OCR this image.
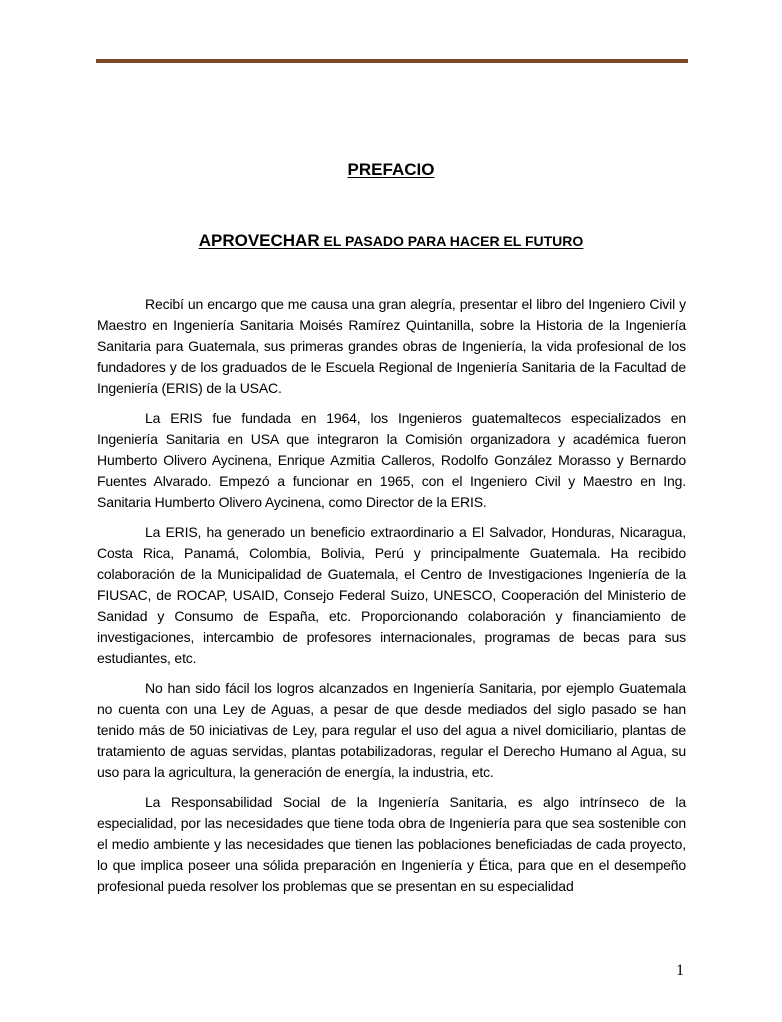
PREFACIO
APROVECHAR EL PASADO PARA HACER EL FUTURO

Recibí un encargo que me causa una gran alegría, presentar el libro del Ingeniero Civil y Maestro en Ingeniería Sanitaria Moisés Ramírez Quintanilla, sobre la Historia de la Ingeniería Sanitaria para Guatemala, sus primeras grandes obras de Ingeniería, la vida profesional de los fundadores y de los graduados de le Escuela Regional de Ingeniería Sanitaria de la Facultad de Ingeniería (ERIS) de la USAC.

La ERIS fue fundada en 1964, los Ingenieros guatemaltecos especializados en Ingeniería Sanitaria en USA que integraron la Comisión organizadora y académica fueron Humberto Olivero Aycinena, Enrique Azmitia Calleros, Rodolfo González Morasso y Bernardo Fuentes Alvarado. Empezó a funcionar en 1965, con el Ingeniero Civil y Maestro en Ing. Sanitaria Humberto Olivero Aycinena, como Director de la ERIS.

La ERIS, ha generado un beneficio extraordinario a El Salvador, Honduras, Nicaragua, Costa Rica, Panamá, Colombia, Bolivia, Perú y principalmente Guatemala. Ha recibido colaboración de la Municipalidad de Guatemala, el Centro de Investigaciones Ingeniería de la FIUSAC, de ROCAP, USAID, Consejo Federal Suizo, UNESCO, Cooperación del Ministerio de Sanidad y Consumo de España, etc. Proporcionando colaboración y financiamiento de investigaciones, intercambio de profesores internacionales, programas de becas para sus estudiantes, etc.

No han sido fácil los logros alcanzados en Ingeniería Sanitaria, por ejemplo Guatemala no cuenta con una Ley de Aguas, a pesar de que desde mediados del siglo pasado se han tenido más de 50 iniciativas de Ley, para regular el uso del agua a nivel domiciliario, plantas de tratamiento de aguas servidas, plantas potabilizadoras, regular el Derecho Humano al Agua, su uso para la agricultura, la generación de energía, la industria, etc.

La Responsabilidad Social de la Ingeniería Sanitaria, es algo intrínseco de la especialidad, por las necesidades que tiene toda obra de Ingeniería para que sea sostenible con el medio ambiente y las necesidades que tienen las poblaciones beneficiadas de cada proyecto, lo que implica poseer una sólida preparación en Ingeniería y Ética, para que en el desempeño profesional pueda resolver los problemas que se presentan en su especialidad

1
